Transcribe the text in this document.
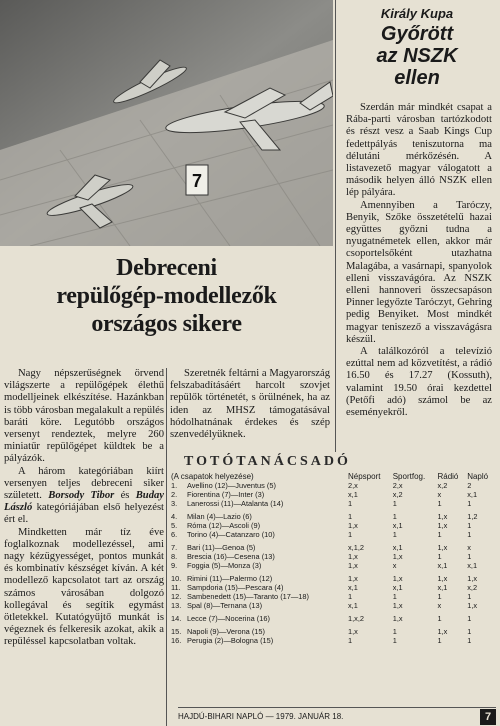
7
Debreceni
repülőgép-modellezők
országos sikere

Nagy népszerűségnek örvend világszerte a repülőgépek élethű modelljeinek elkészítése. Hazánkban is több városban megalakult a repülés baráti köre. Legutóbb országos versenyt rendeztek, melyre 260 miniatűr repülőgépet küldtek be a pályázók.

A három kategóriában kiírt versenyen teljes debreceni siker született. Borsody Tibor és Buday László kategóriájában első helyezést ért el.

Mindketten már tíz éve foglalkoznak modellezéssel, ami nagy kézügyességet, pontos munkát és kombinatív készséget kíván. A két modellező kapcsolatot tart az ország számos városában dolgozó kollegával és segítik egymást ötletekkel. Kutatógyűjtő munkát is végeznek és felkeresik azokat, akik a repüléssel kapcsolatban voltak.

Szeretnék feltárni a Magyarország felszabadításáért harcolt szovjet repülők történetét, s örülnének, ha az iden az MHSZ támogatásával hódolhatnának érdekes és szép szenvedélyüknek.

Király Kupa
Győrött
az NSZK
ellen

Szerdán már mindkét csapat a Rába-parti városban tartózkodott és részt vesz a Saab Kings Cup fedettpályás teniszutorna ma délutáni mérkőzésén. A listavezető magyar válogatott a második helyen álló NSZK ellen lép pályára.

Amennyiben a Taróczy, Benyik, Szőke összetételű hazai együttes győzni tudna a nyugatnémetek ellen, akkor már csoportelsőként utazhatna Malagába, a vasárnapi, spanyolok elleni visszavágóra. Az NSZK elleni hannoveri összecsapáson Pinner legyőzte Taróczyt, Gehring pedig Benyiket. Most mindkét magyar teniszező a visszavágásra készül.

A találkozóról a televízió ezúttal nem ad közvetítést, a rádió 16.50 és 17.27 (Kossuth), valamint 19.50 órai kezdettel (Petőfi adó) számol be az eseményekről.

TOTÓTANÁCSADÓ
(A csapatok helyezése)		Népsport	Sportfog.	Rádió	Napló
1.	Avellino (12)—Juventus (5)	2,x	2,x	x,2	2
2.	Fiorentina (7)—Inter (3)	x,1	x,2	x	x,1
3.	Lanerossi (11)—Atalanta (14)	1	1	1	1

4.	Milan (4)—Lazio (6)	1	1	1,x	1,2
5.	Róma (12)—Ascoli (9)	1,x	x,1	1,x	1
6.	Torino (4)—Catanzaro (10)	1	1	1	1

7.	Bari (11)—Genoa (5)	x,1,2	x,1	1,x	x
8.	Brescia (16)—Cesena (13)	1,x	1,x	1	1
9.	Foggia (5)—Monza (3)	1,x	x	x,1	x,1

10.	Rimini (11)—Palermo (12)	1,x	1,x	1,x	1,x
11.	Sampdoria (15)—Pescara (4)	x,1	x,1	x,1	x,2
12.	Sambenedett (15)—Taranto (17—18)	1	1	1	1
13.	Spal (8)—Ternana (13)	x,1	1,x	x	1,x

14.	Lecce (7)—Nocerina (16)	1,x,2	1,x	1	1

15.	Napoli (9)—Verona (15)	1,x	1	1,x	1
16.	Perugia (2)—Bologna (15)	1	1	1	1
HAJDÚ-BIHARI NAPLÓ — 1979. JANUÁR 18.	7
